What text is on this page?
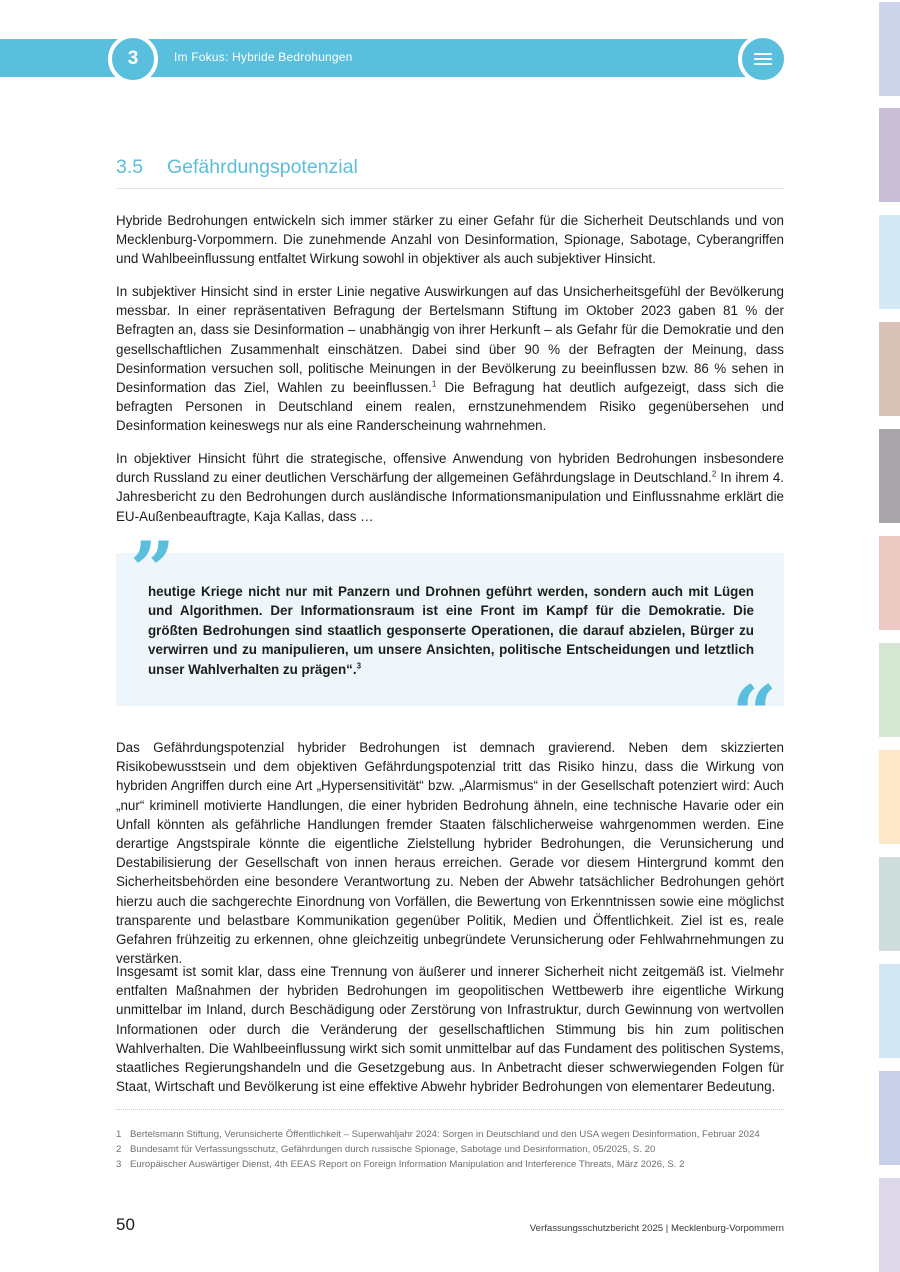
3	Im Fokus: Hybride Bedrohungen
3.5 Gefährdungspotenzial

Hybride Bedrohungen entwickeln sich immer stärker zu einer Gefahr für die Sicherheit Deutschlands und von Mecklenburg-Vorpommern. Die zunehmende Anzahl von Desinformation, Spionage, Sabotage, Cyberangriffen und Wahlbeeinflussung entfaltet Wirkung sowohl in objektiver als auch subjektiver Hinsicht.

In subjektiver Hinsicht sind in erster Linie negative Auswirkungen auf das Unsicherheitsgefühl der Bevölkerung messbar. In einer repräsentativen Befragung der Bertelsmann Stiftung im Oktober 2023 gaben 81 % der Befragten an, dass sie Desinformation – unabhängig von ihrer Herkunft – als Gefahr für die Demokratie und den gesellschaftlichen Zusammenhalt einschätzen. Dabei sind über 90 % der Befragten der Meinung, dass Desinformation versuchen soll, politische Meinungen in der Bevölkerung zu beeinflussen bzw. 86 % sehen in Desinformation das Ziel, Wahlen zu beeinflussen.$^1$ Die Befragung hat deutlich aufgezeigt, dass sich die befragten Personen in Deutschland einem realen, ernstzunehmendem Risiko gegenübersehen und Desinformation keineswegs nur als eine Randerscheinung wahrnehmen.

In objektiver Hinsicht führt die strategische, offensive Anwendung von hybriden Bedrohungen insbesondere durch Russland zu einer deutlichen Verschärfung der allgemeinen Gefährdungslage in Deutschland.$^2$ In ihrem 4. Jahresbericht zu den Bedrohungen durch ausländische Informationsmanipulation und Einflussnahme erklärt die EU-Außenbeauftragte, Kaja Kallas, dass …

”

heutige Kriege nicht nur mit Panzern und Drohnen geführt werden, sondern auch mit Lügen und Algorithmen. Der Informationsraum ist eine Front im Kampf für die Demokratie. Die größten Bedrohungen sind staatlich gesponserte Operationen, die darauf abzielen, Bürger zu verwirren und zu manipulieren, um unsere Ansichten, politische Entscheidungen und letztlich unser Wahlverhalten zu prägen“.$^3$

“

Das Gefährdungspotenzial hybrider Bedrohungen ist demnach gravierend. Neben dem skizzierten Risikobewusstsein und dem objektiven Gefährdungspotenzial tritt das Risiko hinzu, dass die Wirkung von hybriden Angriffen durch eine Art „Hypersensitivität“ bzw. „Alarmismus“ in der Gesellschaft potenziert wird: Auch „nur“ kriminell motivierte Handlungen, die einer hybriden Bedrohung ähneln, eine technische Havarie oder ein Unfall könnten als gefährliche Handlungen fremder Staaten fälschlicherweise wahrgenommen werden. Eine derartige Angstspirale könnte die eigentliche Zielstellung hybrider Bedrohungen, die Verunsicherung und Destabilisierung der Gesellschaft von innen heraus erreichen. Gerade vor diesem Hintergrund kommt den Sicherheitsbehörden eine besondere Verantwortung zu. Neben der Abwehr tatsächlicher Bedrohungen gehört hierzu auch die sachgerechte Einordnung von Vorfällen, die Bewertung von Erkenntnissen sowie eine möglichst transparente und belastbare Kommunikation gegenüber Politik, Medien und Öffentlichkeit. Ziel ist es, reale Gefahren frühzeitig zu erkennen, ohne gleichzeitig unbegründete Verunsicherung oder Fehlwahrnehmungen zu verstärken.

Insgesamt ist somit klar, dass eine Trennung von äußerer und innerer Sicherheit nicht zeitgemäß ist. Vielmehr entfalten Maßnahmen der hybriden Bedrohungen im geopolitischen Wettbewerb ihre eigentliche Wirkung unmittelbar im Inland, durch Beschädigung oder Zerstörung von Infrastruktur, durch Gewinnung von wertvollen Informationen oder durch die Veränderung der gesellschaftlichen Stimmung bis hin zum politischen Wahlverhalten. Die Wahlbeeinflussung wirkt sich somit unmittelbar auf das Fundament des politischen Systems, staatliches Regierungshandeln und die Gesetzgebung aus. In Anbetracht dieser schwerwiegenden Folgen für Staat, Wirtschaft und Bevölkerung ist eine effektive Abwehr hybrider Bedrohungen von elementarer Bedeutung.

1 Bertelsmann Stiftung, Verunsicherte Öffentlichkeit – Superwahljahr 2024: Sorgen in Deutschland und den USA wegen Desinformation, Februar 2024
2 Bundesamt für Verfassungsschutz, Gefährdungen durch russische Spionage, Sabotage und Desinformation, 05/2025, S. 20
3 Europäischer Auswärtiger Dienst, 4th EEAS Report on Foreign Information Manipulation and Interference Threats, März 2026, S. 2
50	Verfassungsschutzbericht 2025 | Mecklenburg-Vorpommern
